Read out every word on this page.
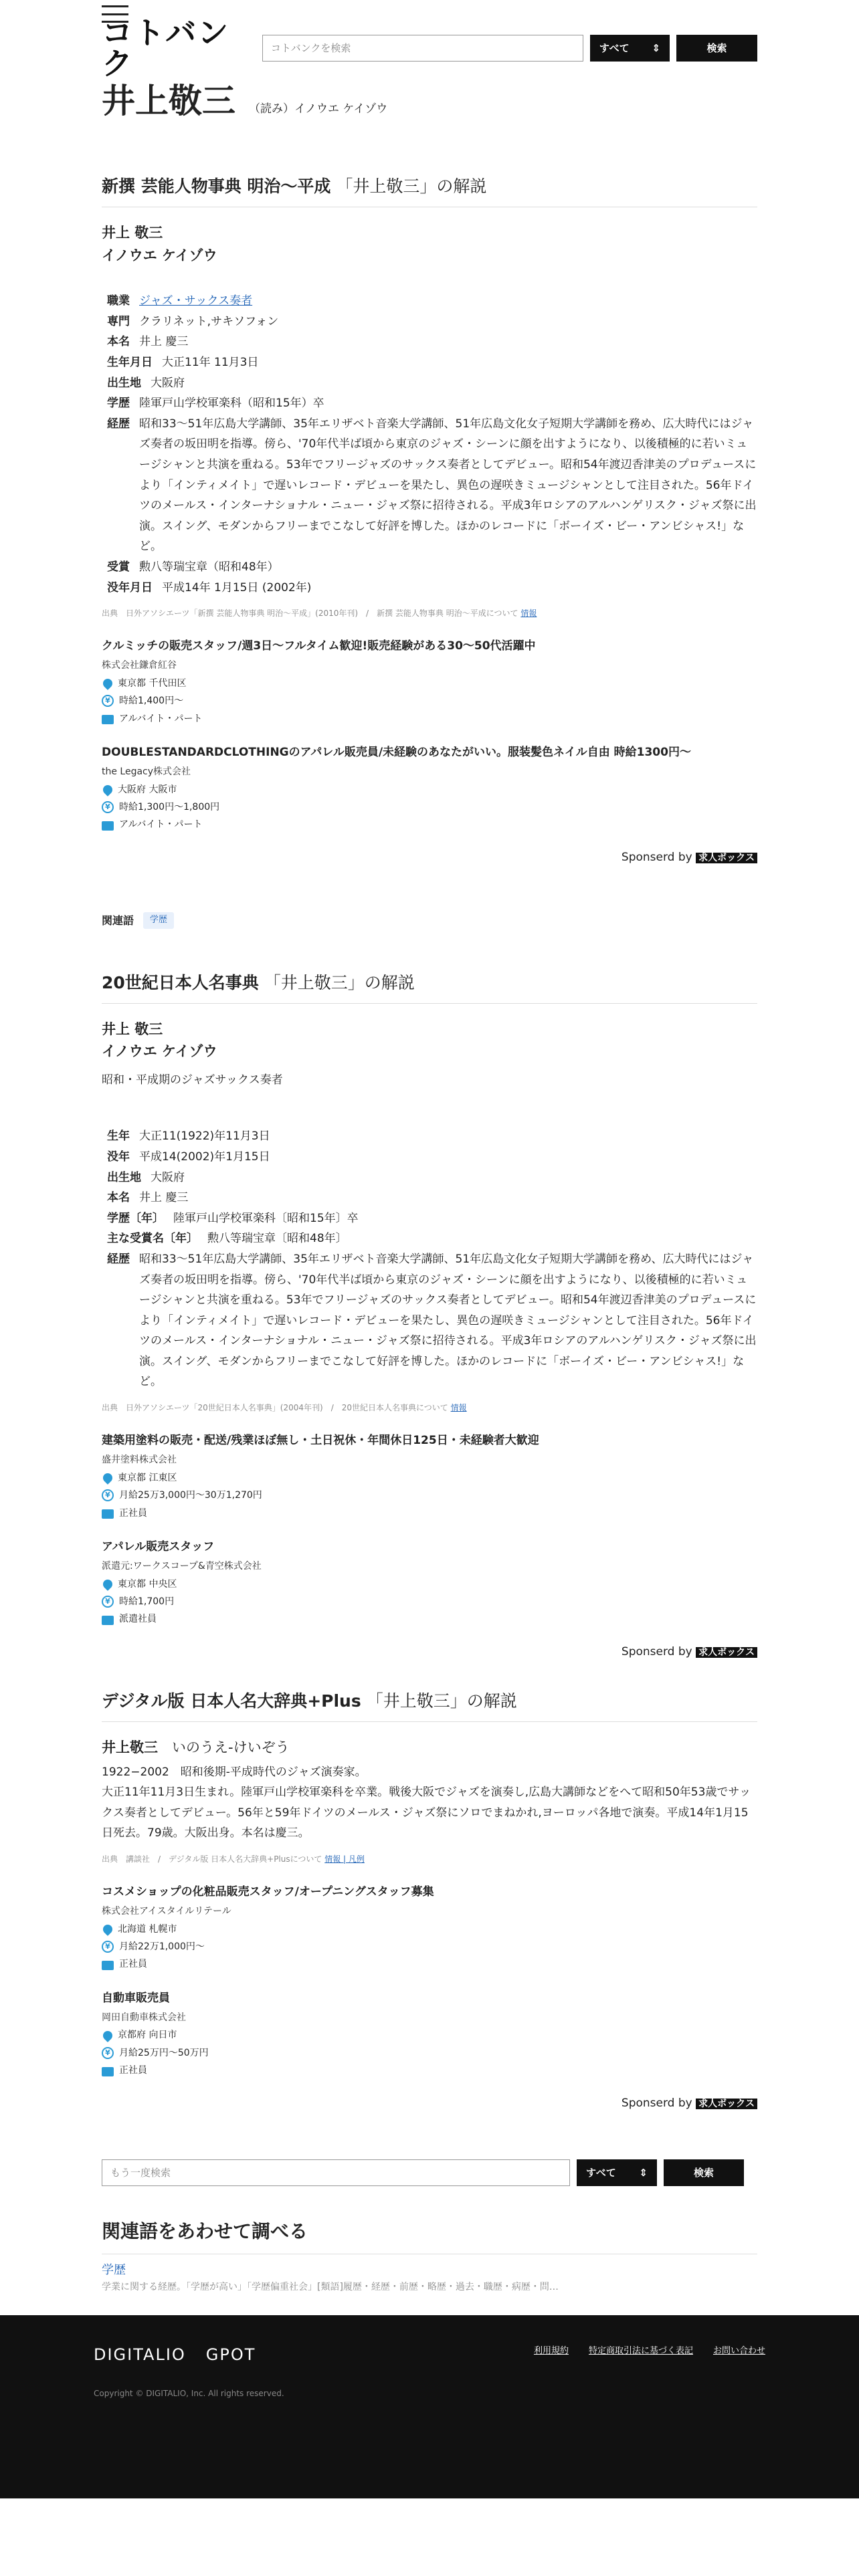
コトバンク	コトバンクを検索	すべて ⇕	検索
井上敬三 （読み）イノウエ ケイゾウ
新撰 芸能人物事典 明治～平成 「井上敬三」の解説
井上 敬三
イノウエ ケイゾウ
職業 ジャズ・サックス奏者
専門 クラリネット,サキソフォン
本名 井上 慶三
生年月日 大正11年 11月3日
出生地 大阪府
学歴 陸軍戸山学校軍楽科（昭和15年）卒
経歴 昭和33～51年広島大学講師、35年エリザベト音楽大学講師、51年広島文化女子短期大学講師を務め、広大時代にはジャズ奏者の坂田明を指導。傍ら、'70年代半ば頃から東京のジャズ・シーンに顔を出すようになり、以後積極的に若いミュージシャンと共演を重ねる。53年でフリージャズのサックス奏者としてデビュー。昭和54年渡辺香津美のプロデュースにより「インティメイト」で遅いレコード・デビューを果たし、異色の遅咲きミュージシャンとして注目された。56年ドイツのメールス・インターナショナル・ニュー・ジャズ祭に招待される。平成3年ロシアのアルハンゲリスク・ジャズ祭に出演。スイング、モダンからフリーまでこなして好評を博した。ほかのレコードに「ボーイズ・ビー・アンビシャス!」など。
受賞 勲八等瑞宝章（昭和48年）
没年月日 平成14年 1月15日 (2002年)
出典　日外アソシエーツ「新撰 芸能人物事典 明治～平成」(2010年刊)　/　新撰 芸能人物事典 明治～平成について 情報
クルミッチの販売スタッフ/週3日～フルタイム歓迎!販売経験がある30～50代活躍中
株式会社鎌倉紅谷
東京都 千代田区
¥ 時給1,400円～
アルバイト・パート
DOUBLESTANDARDCLOTHINGのアパレル販売員/未経験のあなたがいい。服装髪色ネイル自由 時給1300円～
the Legacy株式会社
大阪府 大阪市
¥ 時給1,300円～1,800円
アルバイト・パート
Sponserd by 求人ボックス
関連語	学歴
20世紀日本人名事典 「井上敬三」の解説
井上 敬三
イノウエ ケイゾウ
昭和・平成期のジャズサックス奏者
生年 大正11(1922)年11月3日
没年 平成14(2002)年1月15日
出生地 大阪府
本名 井上 慶三
学歴〔年〕 陸軍戸山学校軍楽科〔昭和15年〕卒
主な受賞名〔年〕 勲八等瑞宝章〔昭和48年〕
経歴 昭和33～51年広島大学講師、35年エリザベト音楽大学講師、51年広島文化女子短期大学講師を務め、広大時代にはジャズ奏者の坂田明を指導。傍ら、'70年代半ば頃から東京のジャズ・シーンに顔を出すようになり、以後積極的に若いミュージシャンと共演を重ねる。53年でフリージャズのサックス奏者としてデビュー。昭和54年渡辺香津美のプロデュースにより「インティメイト」で遅いレコード・デビューを果たし、異色の遅咲きミュージシャンとして注目された。56年ドイツのメールス・インターナショナル・ニュー・ジャズ祭に招待される。平成3年ロシアのアルハンゲリスク・ジャズ祭に出演。スイング、モダンからフリーまでこなして好評を博した。ほかのレコードに「ボーイズ・ビー・アンビシャス!」など。
出典　日外アソシエーツ「20世紀日本人名事典」(2004年刊)　/　20世紀日本人名事典について 情報
建築用塗料の販売・配送/残業ほぼ無し・土日祝休・年間休日125日・未経験者大歓迎
盛井塗料株式会社
東京都 江東区
¥ 月給25万3,000円～30万1,270円
正社員
アパレル販売スタッフ
派遣元:ワークスコープ&青空株式会社
東京都 中央区
¥ 時給1,700円
派遣社員
Sponserd by 求人ボックス
デジタル版 日本人名大辞典+Plus 「井上敬三」の解説
井上敬三　 いのうえ-けいぞう
1922−2002　昭和後期-平成時代のジャズ演奏家。
大正11年11月3日生まれ。陸軍戸山学校軍楽科を卒業。戦後大阪でジャズを演奏し,広島大講師などをへて昭和50年53歳でサックス奏者としてデビュー。56年と59年ドイツのメールス・ジャズ祭にソロでまねかれ,ヨーロッパ各地で演奏。平成14年1月15日死去。79歳。大阪出身。本名は慶三。
出典　講談社　/　デジタル版 日本人名大辞典+Plusについて 情報 | 凡例
コスメショップの化粧品販売スタッフ/オープニングスタッフ募集
株式会社アイスタイルリテール
北海道 札幌市
¥ 月給22万1,000円～
正社員
自動車販売員
岡田自動車株式会社
京都府 向日市
¥ 月給25万円～50万円
正社員
Sponserd by 求人ボックス
もう一度検索	すべて ⇕	検索
関連語をあわせて調べる
学歴
学業に関する経歴。「学歴が高い」「学歴偏重社会」[類語]履歴・経歴・前歴・略歴・過去・職歴・病歴・問…
DIGITALIO GPOT	利用規約 特定商取引法に基づく表記 お問い合わせ
Copyright © DIGITALIO, Inc. All rights reserved.
